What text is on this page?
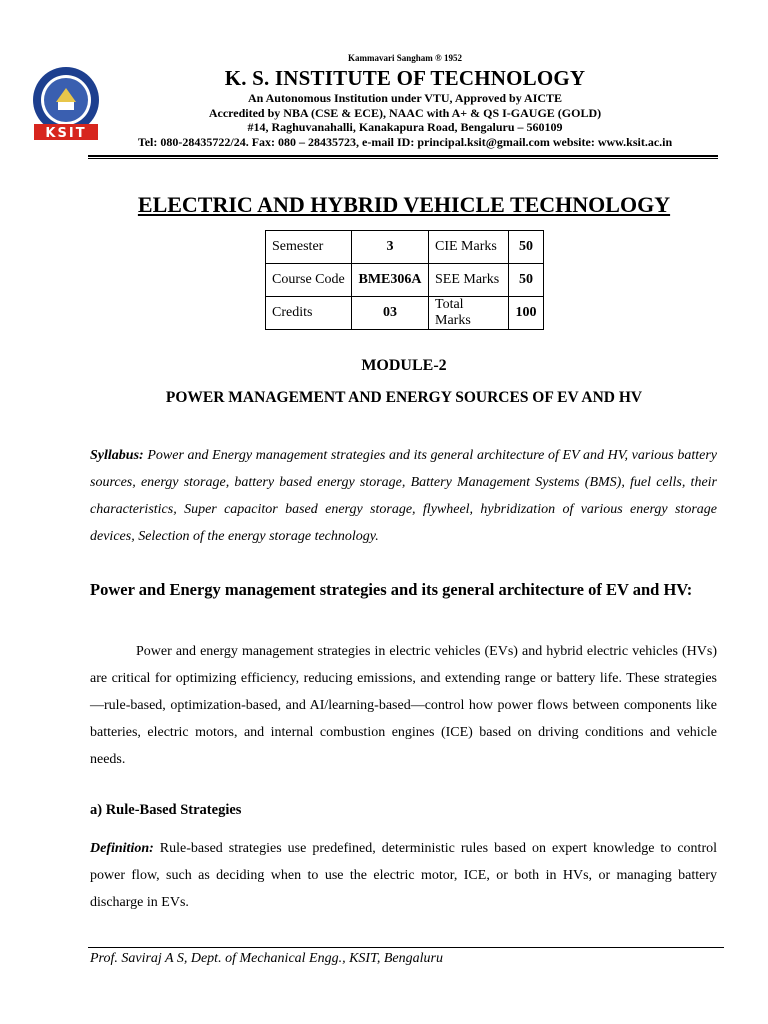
KSIT
Kammavari Sangham ® 1952
K. S. INSTITUTE OF TECHNOLOGY
An Autonomous Institution under VTU, Approved by AICTE
Accredited by NBA (CSE & ECE), NAAC with A+ & QS I-GAUGE (GOLD)
#14, Raghuvanahalli, Kanakapura Road, Bengaluru – 560109
Tel: 080-28435722/24. Fax: 080 – 28435723, e-mail ID: principal.ksit@gmail.com website: www.ksit.ac.in
ELECTRIC AND HYBRID VEHICLE TECHNOLOGY
Semester	3	CIE Marks	50
Course Code	BME306A	SEE Marks	50
Credits	03	Total Marks	100
MODULE-2
POWER MANAGEMENT AND ENERGY SOURCES OF EV AND HV
Syllabus: Power and Energy management strategies and its general architecture of EV and HV, various battery sources, energy storage, battery based energy storage, Battery Management Systems (BMS), fuel cells, their characteristics, Super capacitor based energy storage, flywheel, hybridization of various energy storage devices, Selection of the energy storage technology.
Power and Energy management strategies and its general architecture of EV and HV:
Power and energy management strategies in electric vehicles (EVs) and hybrid electric vehicles (HVs) are critical for optimizing efficiency, reducing emissions, and extending range or battery life. These strategies—rule-based, optimization-based, and AI/learning-based—control how power flows between components like batteries, electric motors, and internal combustion engines (ICE) based on driving conditions and vehicle needs.
a) Rule-Based Strategies
Definition: Rule-based strategies use predefined, deterministic rules based on expert knowledge to control power flow, such as deciding when to use the electric motor, ICE, or both in HVs, or managing battery discharge in EVs.
Prof. Saviraj A S, Dept. of Mechanical Engg., KSIT, Bengaluru
